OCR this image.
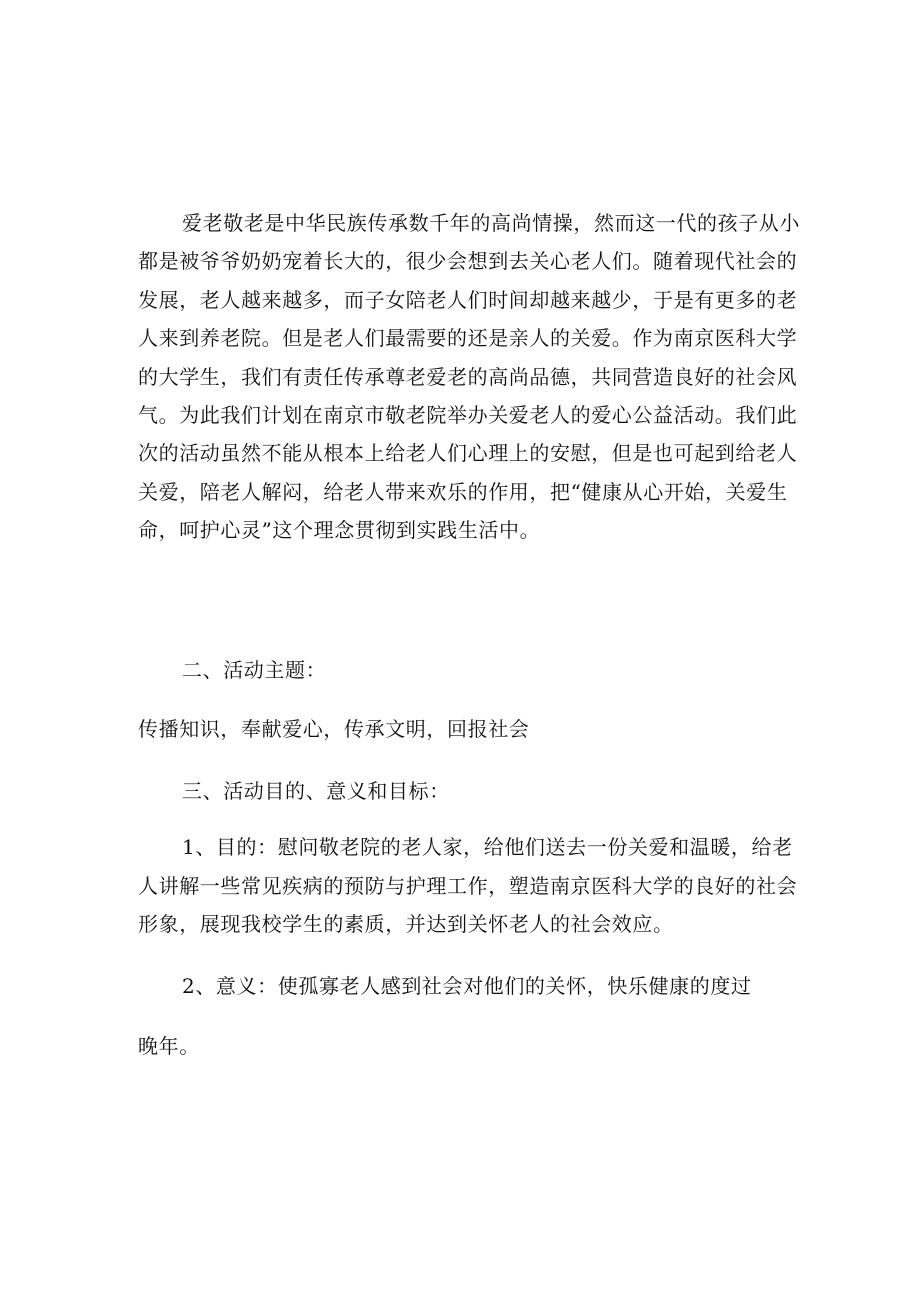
爱老敬老是中华民族传承数千年的高尚情操，然而这一代的孩子从小
都是被爷爷奶奶宠着长大的，很少会想到去关心老人们。随着现代社会的
发展，老人越来越多，而子女陪老人们时间却越来越少，于是有更多的老
人来到养老院。但是老人们最需要的还是亲人的关爱。作为南京医科大学
的大学生，我们有责任传承尊老爱老的高尚品德，共同营造良好的社会风
气。为此我们计划在南京市敬老院举办关爱老人的爱心公益活动。我们此
次的活动虽然不能从根本上给老人们心理上的安慰，但是也可起到给老人
关爱，陪老人解闷，给老人带来欢乐的作用，把“健康从心开始，关爱生
命，呵护心灵”这个理念贯彻到实践生活中。
二、活动主题：
传播知识，奉献爱心，传承文明，回报社会
三、活动目的、意义和目标：
1、目的：慰问敬老院的老人家，给他们送去一份关爱和温暖，给老
人讲解一些常见疾病的预防与护理工作，塑造南京医科大学的良好的社会
形象，展现我校学生的素质，并达到关怀老人的社会效应。
2、意义：使孤寡老人感到社会对他们的关怀，快乐健康的度过
晚年。
